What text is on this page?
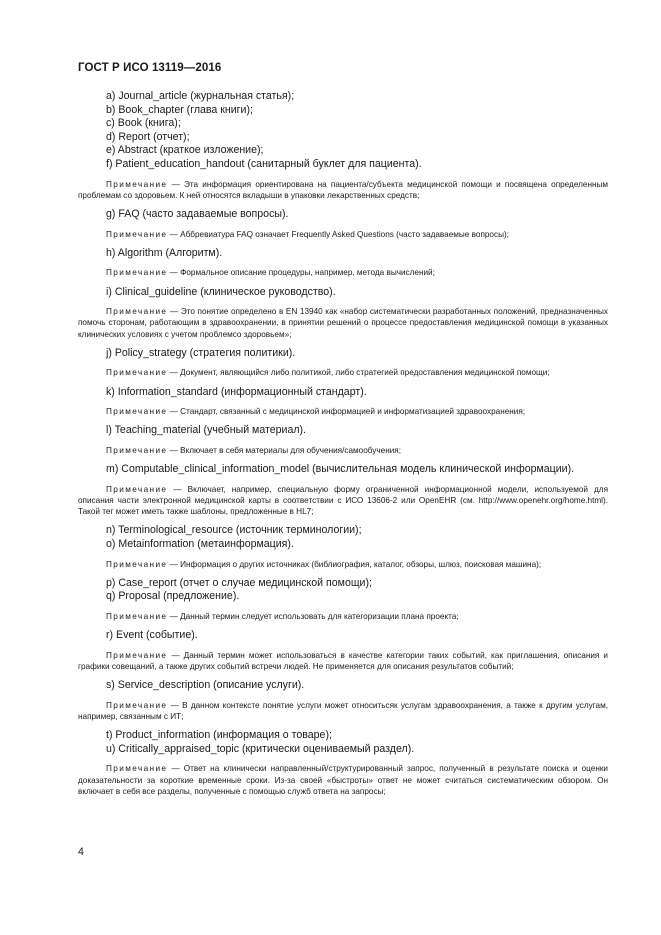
ГОСТ Р ИСО 13119—2016

a) Journal_article (журнальная статья);

b) Book_chapter (глава книги);

c) Book (книга);

d) Report (отчет);

e) Abstract (краткое изложение);

f) Patient_education_handout (санитарный буклет для пациента).

Примечание — Эта информация ориентирована на пациента/субъекта медицинской помощи и посвящена определенным проблемам со здоровьем. К ней относятся вкладыши в упаковки лекарственных средств;

g) FAQ (часто задаваемые вопросы).

Примечание — Аббревиатура FAQ означает Frequently Asked Questions (часто задаваемые вопросы);

h) Algorithm (Алгоритм).

Примечание — Формальное описание процедуры, например, метода вычислений;

i) Clinical_guideline (клиническое руководство).

Примечание — Это понятие определено в EN 13940 как «набор систематически разработанных положений, предназначенных помочь сторонам, работающим в здравоохранении, в принятии решений о процессе предоставления медицинской помощи в указанных клинических условиях с учетом проблемсо здоровьем»;

j) Policy_strategy (стратегия политики).

Примечание — Документ, являющийся либо политикой, либо стратегией предоставления медицинской помощи;

k) Information_standard (информационный стандарт).

Примечание — Стандарт, связанный с медицинской информацией и информатизацией здравоохранения;

l) Teaching_material (учебный материал).

Примечание — Включает в себя материалы для обучения/самообучения;

m) Computable_clinical_information_model (вычислительная модель клинической информации).

Примечание — Включает, например, специальную форму ограниченной информационной модели, используемой для описания части электронной медицинской карты в соответствии с ИСО 13606-2 или OpenEHR (см. http://www.openehr.org/home.html). Такой тег может иметь также шаблоны, предложенные в HL7;

n) Terminological_resource (источник терминологии);

o) Metainformation (метаинформация).

Примечание — Информация о других источниках (библиография, каталог, обзоры, шлюз, поисковая машина);

p) Case_report (отчет о случае медицинской помощи);

q) Proposal (предложение).

Примечание — Данный термин следует использовать для категоризации плана проекта;

r) Event (событие).

Примечание — Данный термин может использоваться в качестве категории таких событий, как приглашения, описания и графики совещаний, а также других событий встречи людей. Не применяется для описания результатов событий;

s) Service_description (описание услуги).

Примечание — В данном контексте понятие услуги может относитьсяк услугам здравоохранения, а также к другим услугам, например, связанным с ИТ;

t) Product_information (информация о товаре);

u) Critically_appraised_topic (критически оцениваемый раздел).

Примечание — Ответ на клинически направленный/структурированный запрос, полученный в результате поиска и оценки доказательности за короткие временные сроки. Из-за своей «быстроты» ответ не может считаться систематическим обзором. Он включает в себя все разделы, полученные с помощью служб ответа на запросы;

4
